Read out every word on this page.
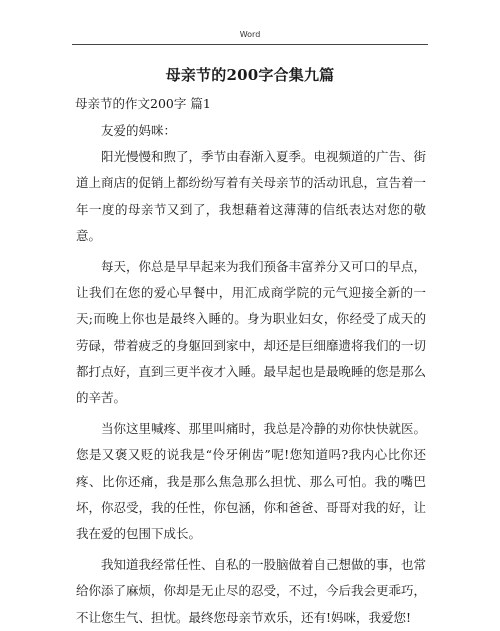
Word
母亲节的200字合集九篇
母亲节的作文200字 篇1

友爱的妈咪：

阳光慢慢和煦了，季节由春渐入夏季。电视频道的广告、街道上商店的促销上都纷纷写着有关母亲节的活动讯息，宣告着一年一度的母亲节又到了，我想藉着这薄薄的信纸表达对您的敬意。

每天，你总是早早起来为我们预备丰富养分又可口的早点，让我们在您的爱心早餐中，用汇成商学院的元气迎接全新的一天;而晚上你也是最终入睡的。身为职业妇女，你经受了成天的劳碌，带着疲乏的身躯回到家中，却还是巨细靡遗将我们的一切都打点好，直到三更半夜才入睡。最早起也是最晚睡的您是那么的辛苦。

当你这里喊疼、那里叫痛时，我总是冷静的劝你快快就医。您是又褒又贬的说我是“伶牙俐齿”呢!您知道吗?我内心比你还疼、比你还痛，我是那么焦急那么担忧、那么可怕。我的嘴巴坏，你忍受，我的任性，你包涵，你和爸爸、哥哥对我的好，让我在爱的包围下成长。

我知道我经常任性、自私的一股脑做着自己想做的事，也常给你添了麻烦，你却是无止尽的忍受，不过，今后我会更乖巧，不让您生气、担忧。最终您母亲节欢乐，还有!妈咪，我爱您!
